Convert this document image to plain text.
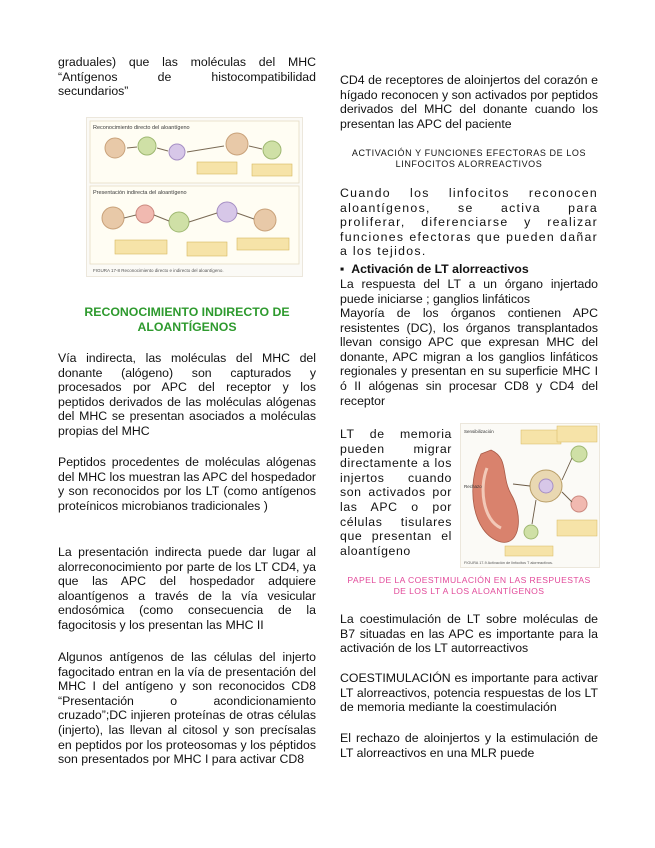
graduales) que las moléculas del MHC “Antígenos de histocompatibilidad secundarios”

Reconocimiento directo del aloantígeno
Presentación indirecta del aloantígeno
FIGURA 17-8 Reconocimiento directo e indirecto del aloantígeno.
RECONOCIMIENTO INDIRECTO DE ALOANTÍGENOS

Vía indirecta, las moléculas del MHC del donante (alógeno) son capturados y procesados por APC del receptor y los peptidos derivados de las moléculas alógenas del MHC se presentan asociados a moléculas propias del MHC

Peptidos procedentes de moléculas alógenas del MHC los muestran las APC del hospedador y son reconocidos por los LT (como antígenos proteínicos microbianos tradicionales )

La presentación indirecta puede dar lugar al alorreconocimiento por parte de los LT CD4, ya que las APC del hospedador adquiere aloantígenos a través de la vía vesicular endosómica (como consecuencia de la fagocitosis y los presentan las MHC II

Algunos antígenos de las células del injerto fagocitado entran en la vía de presentación del MHC I del antígeno y son reconocidos CD8 “Presentación o acondicionamiento cruzado”;DC injieren proteínas de otras células (injerto), las llevan al citosol y son precísalas en peptidos por los proteosomas y los péptidos son presentados por MHC I para activar CD8

CD4 de receptores de aloinjertos del corazón e hígado reconocen y son activados por peptidos derivados del MHC del donante cuando los presentan las APC del paciente

ACTIVACIÓN Y FUNCIONES EFECTORAS DE LOS LINFOCITOS ALORREACTIVOS

Cuando los linfocitos reconocen aloantígenos, se activa para proliferar, diferenciarse y realizar funciones efectoras que pueden dañar a los tejidos.

▪  Activación de LT alorreactivos

La respuesta del LT a un órgano injertado puede iniciarse ; ganglios linfáticos

Mayoría de los órganos contienen APC resistentes (DC), los órganos transplantados llevan consigo APC que expresan MHC del donante, APC migran a los ganglios linfáticos regionales y presentan en su superficie MHC I ó II alógenas sin procesar CD8 y CD4 del receptor

LT de memoria pueden migrar directamente a los injertos cuando son activados por las APC o por células tisulares que presentan el aloantígeno

Sensibilización
Rechazo
FIGURA 17-9 Activación de linfocitos T alorreactivos.
PAPEL DE LA COESTIMULACIÓN EN LAS RESPUESTAS DE LOS LT A LOS ALOANTÍGENOS

La coestimulación de LT sobre moléculas de B7 situadas en las APC es importante para la activación de los LT autorreactivos

COESTIMULACIÓN es importante para activar LT alorreactivos, potencia respuestas de los LT de memoria mediante la coestimulación

El rechazo de aloinjertos y la estimulación de LT alorreactivos en una MLR puede
